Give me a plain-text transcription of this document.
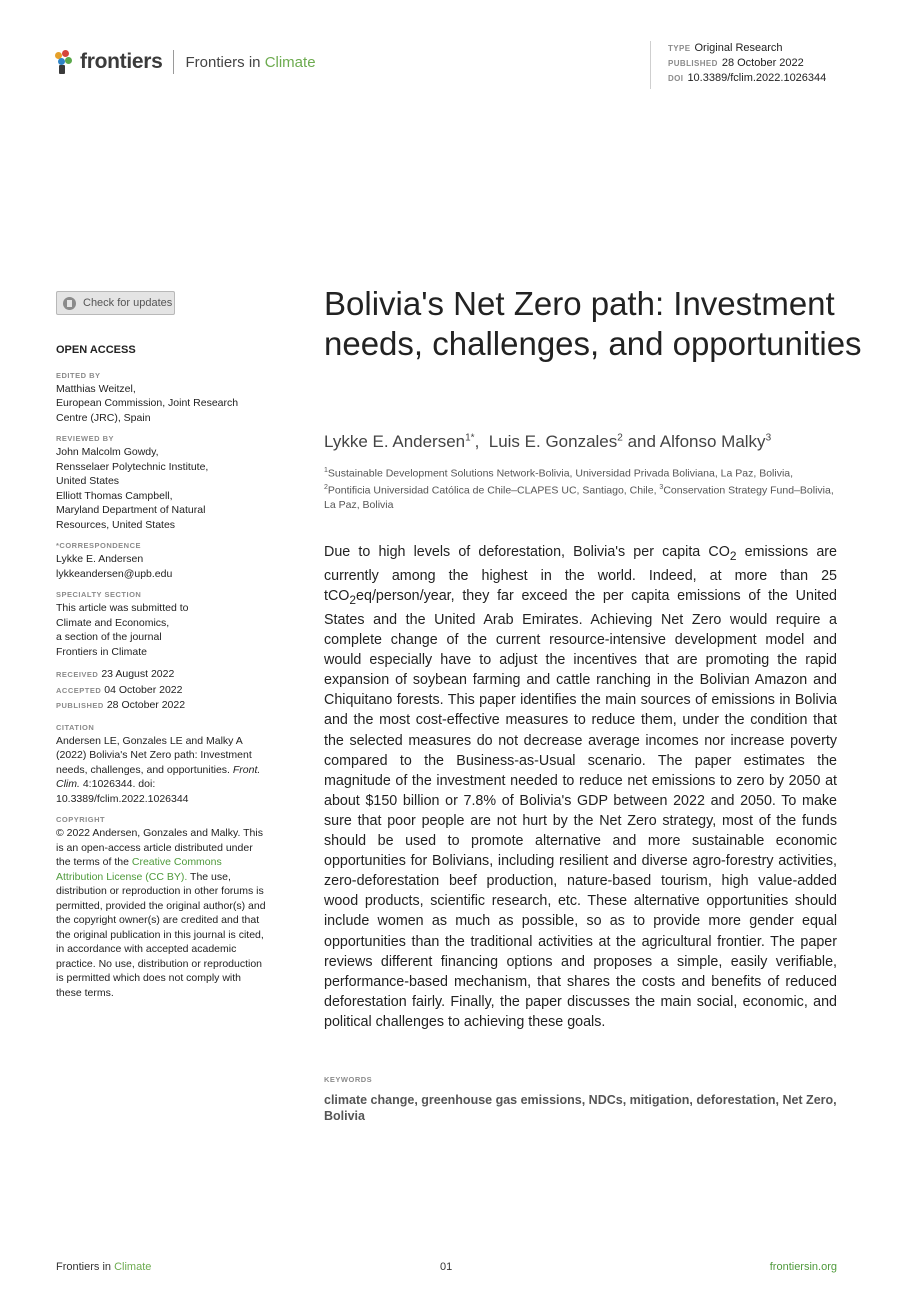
frontiers Frontiers in Climate
TYPE Original Research
PUBLISHED 28 October 2022
DOI 10.3389/fclim.2022.1026344
Check for updates
OPEN ACCESS
EDITED BY
Matthias Weitzel,
European Commission, Joint Research
Centre (JRC), Spain
REVIEWED BY
John Malcolm Gowdy,
Rensselaer Polytechnic Institute,
United States
Elliott Thomas Campbell,
Maryland Department of Natural
Resources, United States
*CORRESPONDENCE
Lykke E. Andersen
lykkeandersen@upb.edu
SPECIALTY SECTION
This article was submitted to
Climate and Economics,
a section of the journal
Frontiers in Climate
RECEIVED 23 August 2022
ACCEPTED 04 October 2022
PUBLISHED 28 October 2022
CITATION
Andersen LE, Gonzales LE and Malky A (2022) Bolivia's Net Zero path: Investment needs, challenges, and opportunities. Front. Clim. 4:1026344. doi: 10.3389/fclim.2022.1026344
COPYRIGHT
© 2022 Andersen, Gonzales and Malky. This is an open-access article distributed under the terms of the Creative Commons Attribution License (CC BY). The use, distribution or reproduction in other forums is permitted, provided the original author(s) and the copyright owner(s) are credited and that the original publication in this journal is cited, in accordance with accepted academic practice. No use, distribution or reproduction is permitted which does not comply with these terms.
Bolivia's Net Zero path: Investment needs, challenges, and opportunities
Lykke E. Andersen$^{1*}$,  Luis E. Gonzales$^2$ and Alfonso Malky$^3$
$^1$Sustainable Development Solutions Network-Bolivia, Universidad Privada Boliviana, La Paz, Bolivia, $^2$Pontificia Universidad Católica de Chile–CLAPES UC, Santiago, Chile, $^3$Conservation Strategy Fund–Bolivia, La Paz, Bolivia
Due to high levels of deforestation, Bolivia's per capita $CO_2$ emissions are currently among the highest in the world. Indeed, at more than 25 tCO$_2$eq/person/year, they far exceed the per capita emissions of the United States and the United Arab Emirates. Achieving Net Zero would require a complete change of the current resource-intensive development model and would especially have to adjust the incentives that are promoting the rapid expansion of soybean farming and cattle ranching in the Bolivian Amazon and Chiquitano forests. This paper identifies the main sources of emissions in Bolivia and the most cost-effective measures to reduce them, under the condition that the selected measures do not decrease average incomes nor increase poverty compared to the Business-as-Usual scenario. The paper estimates the magnitude of the investment needed to reduce net emissions to zero by 2050 at about $150 billion or 7.8% of Bolivia's GDP between 2022 and 2050. To make sure that poor people are not hurt by the Net Zero strategy, most of the funds should be used to promote alternative and more sustainable economic opportunities for Bolivians, including resilient and diverse agro-forestry activities, zero-deforestation beef production, nature-based tourism, high value-added wood products, scientific research, etc. These alternative opportunities should include women as much as possible, so as to provide more gender equal opportunities than the traditional activities at the agricultural frontier. The paper reviews different financing options and proposes a simple, easily verifiable, performance-based mechanism, that shares the costs and benefits of reduced deforestation fairly. Finally, the paper discusses the main social, economic, and political challenges to achieving these goals.
KEYWORDS
climate change, greenhouse gas emissions, NDCs, mitigation, deforestation, Net Zero, Bolivia
Frontiers in Climate	01	frontiersin.org
